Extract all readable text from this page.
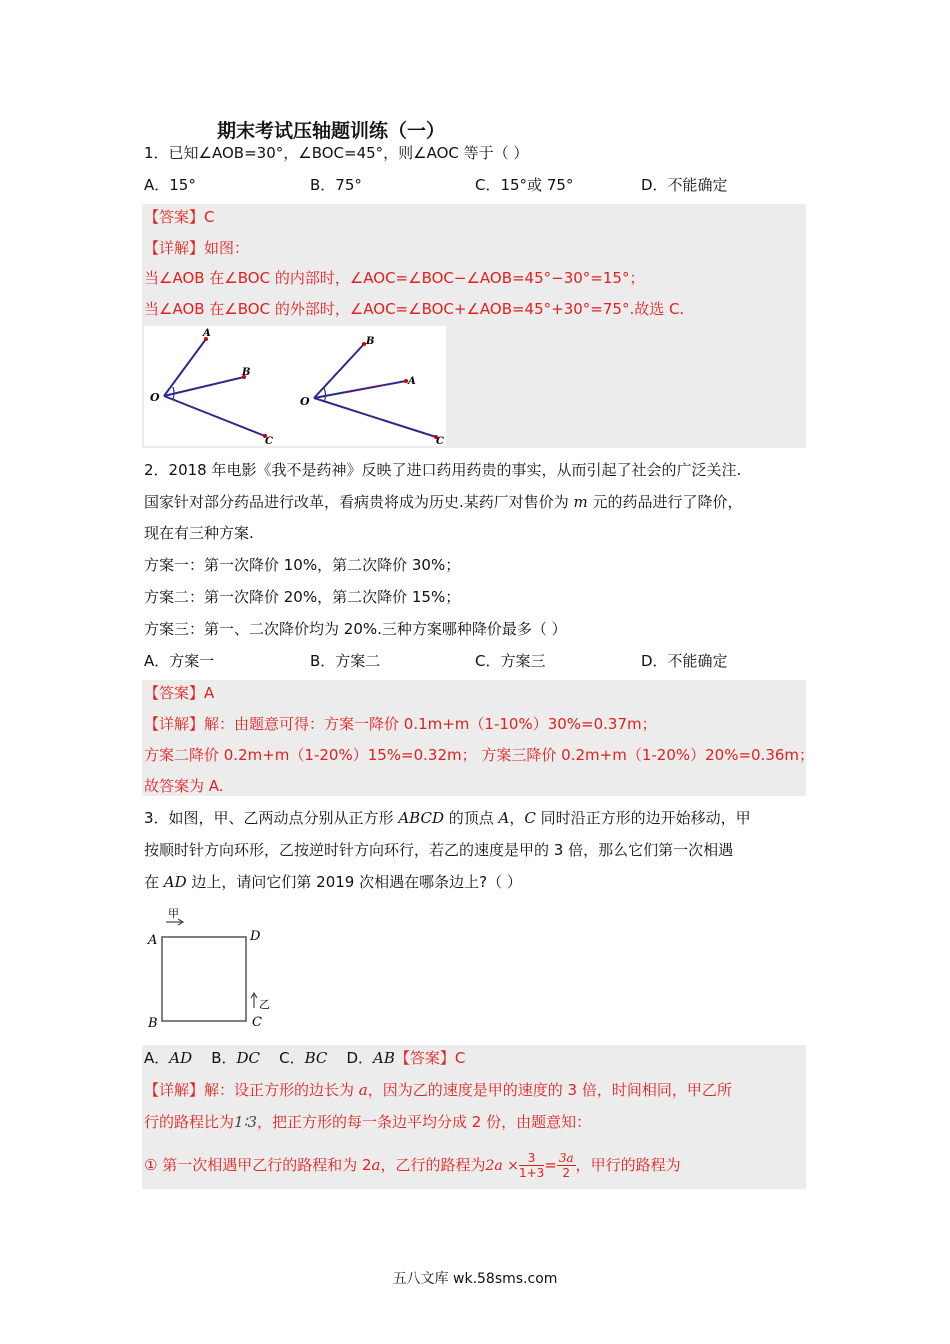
期末考试压轴题训练（一）
1．已知∠AOB=30°，∠BOC=45°，则∠AOC 等于（ ）
A．15°	B．75°	C．15°或 75°	D．不能确定
【答案】C
【详解】如图：
当∠AOB 在∠BOC 的内部时，∠AOC=∠BOC−∠AOB=45°−30°=15°；
当∠AOB 在∠BOC 的外部时，∠AOC=∠BOC+∠AOB=45°+30°=75°.故选 C.
O
A
B
C
O
B
A
C
2．2018 年电影《我不是药神》反映了进口药用药贵的事实，从而引起了社会的广泛关注.
国家针对部分药品进行改革，看病贵将成为历史.某药厂对售价为 m 元的药品进行了降价，
现在有三种方案.
方案一：第一次降价 10%，第二次降价 30%；
方案二：第一次降价 20%，第二次降价 15%；
方案三：第一、二次降价均为 20%.三种方案哪种降价最多（ ）
A．方案一	B．方案二	C．方案三	D．不能确定
【答案】A
【详解】解：由题意可得：方案一降价 0.1m+m（1-10%）30%=0.37m；
方案二降价 0.2m+m（1-20%）15%=0.32m； 方案三降价 0.2m+m（1-20%）20%=0.36m；
故答案为 A.
3．如图，甲、乙两动点分别从正方形 ABCD 的顶点 A，C 同时沿正方形的边开始移动，甲
按顺时针方向环形，乙按逆时针方向环行，若乙的速度是甲的 3 倍，那么它们第一次相遇
在 AD 边上，请问它们第 2019 次相遇在哪条边上?（ ）
甲
乙
A	D
B	C
A．AD B．DC C．BC D．AB【答案】C
【详解】解：设正方形的边长为 a，因为乙的速度是甲的速度的 3 倍，时间相同，甲乙所
行的路程比为1∶3，把正方形的每一条边平均分成 2 份，由题意知：
① 第一次相遇甲乙行的路程和为 2a，乙行的路程为$2a \times \frac{3}{1+3} = \frac{3a}{2}$ ，甲行的路程为
五八文库 wk.58sms.com
